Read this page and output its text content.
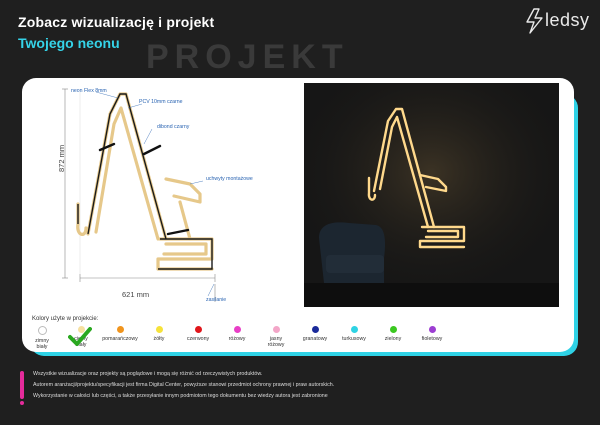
Zobacz wizualizację i projekt
Twojego neonu PROJEKT
ledsy
neon Flex 8mm
PCV 10mm czarne
dibond czarny
uchwyty montażowe
zasilanie
872 mm
621 mm
Kolory użyte w projekcie:
zimny
biały
ciepły
biały
pomarańczowy	żółty	czerwony	różowy	jasny
różowy
granatowy	turkusowy	zielony	fioletowy
Wszystkie wizualizacje oraz projekty są poglądowe i mogą się różnić od rzeczywistych produktów.
Autorem aranżacji/projektu/specyfikacji jest firma Digital Center, powyższe stanowi przedmiot ochrony prawnej i praw autorskich.
Wykorzystanie w całości lub części, a także przesyłanie innym podmiotom tego dokumentu bez wiedzy autora jest zabronione
